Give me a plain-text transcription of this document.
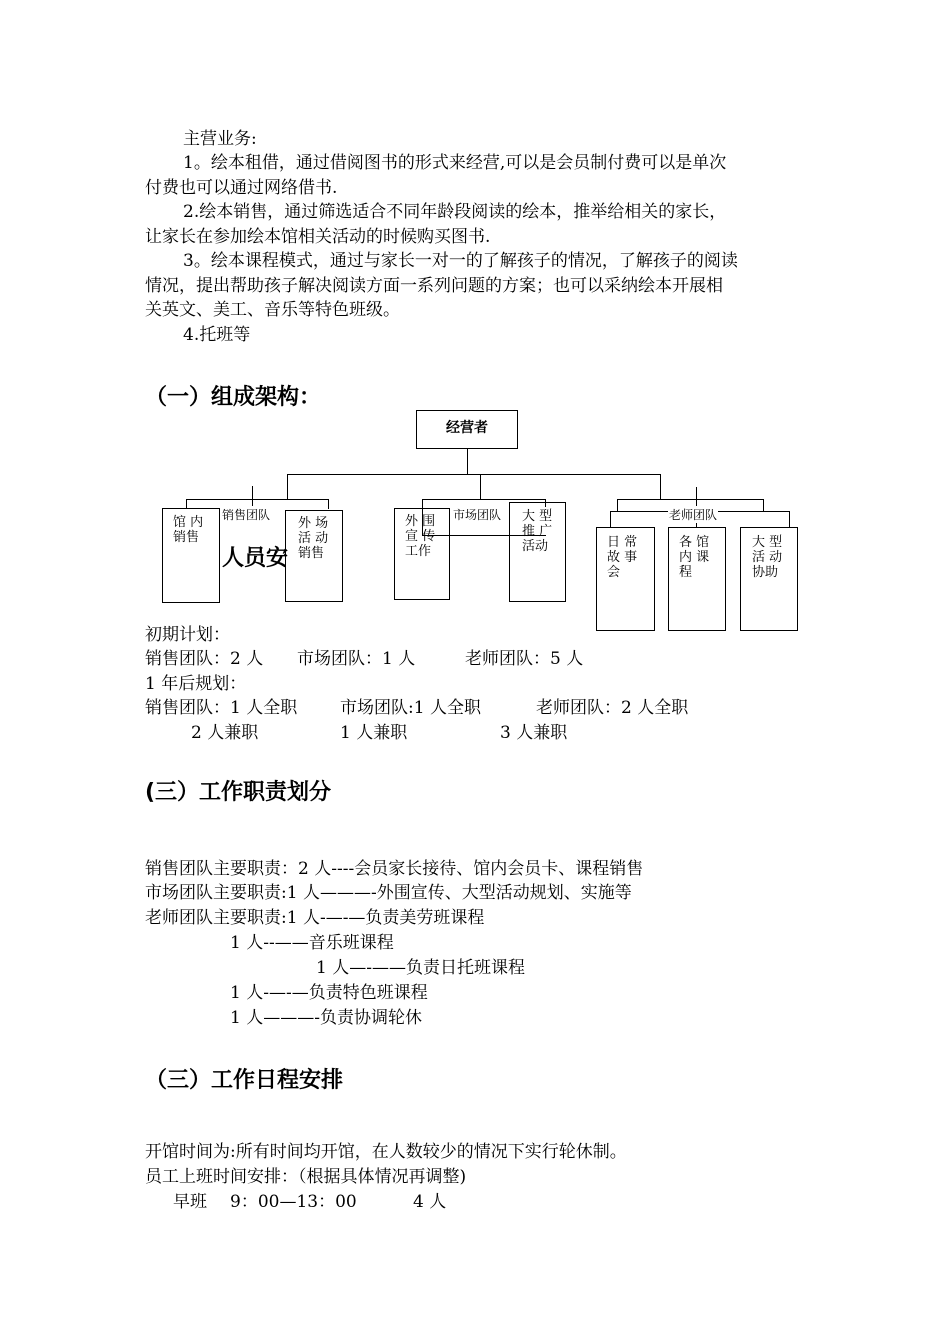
主营业务:
1。绘本租借，通过借阅图书的形式来经营,可以是会员制付费可以是单次
付费也可以通过网络借书.
2.绘本销售，通过筛选适合不同年龄段阅读的绘本，推举给相关的家长，
让家长在参加绘本馆相关活动的时候购买图书.
3。绘本课程模式，通过与家长一对一的了解孩子的情况，了解孩子的阅读
情况，提出帮助孩子解决阅读方面一系列问题的方案；也可以采纳绘本开展相
关英文、美工、音乐等特色班级。
4.托班等
（一）组成架构：
经营者
销售团队
馆 内 销售
外 场 活 动 销售
市场团队
外 围 宣 传 工作
大 型 推 广 活动
老师团队
日 常 故 事 会
各 馆 内 课 程
大 型 活 动 协助
人员安
初期计划：
销售团队：2 人 市场团队：1 人	老师团队：5 人
1 年后规划：
销售团队：1 人全职	市场团队:1 人全职	老师团队：2 人全职
2 人兼职	1 人兼职	3 人兼职
(三）工作职责划分
销售团队主要职责：2 人----会员家长接待、馆内会员卡、课程销售
市场团队主要职责:1 人———-外围宣传、大型活动规划、实施等
老师团队主要职责:1 人-—-—负责美劳班课程
1 人--——音乐班课程
1 人—-——负责日托班课程
1 人-—-—负责特色班课程
1 人———-负责协调轮休
（三）工作日程安排
开馆时间为:所有时间均开馆，在人数较少的情况下实行轮休制。
员工上班时间安排：（根据具体情况再调整)
早班 9：00—13：00	4 人
